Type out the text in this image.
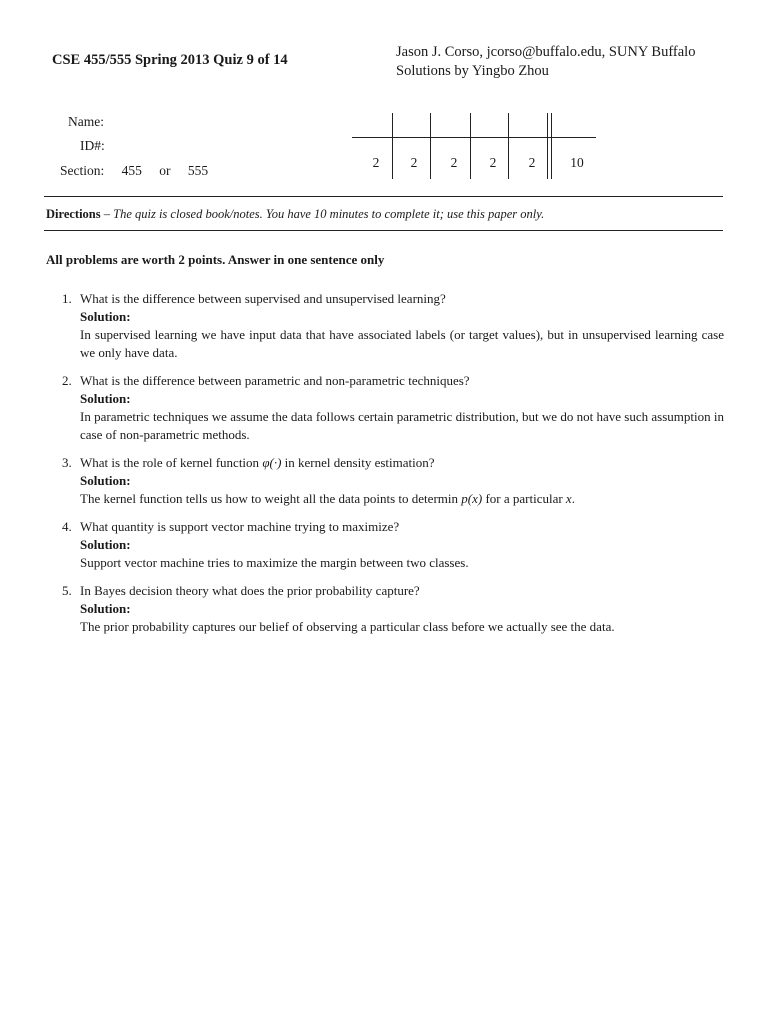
CSE 455/555 Spring 2013 Quiz 9 of 14	Jason J. Corso, jcorso@buffalo.edu, SUNY Buffalo
Solutions by Yingbo Zhou
Name:
ID#:
Section: 455 or 555
2	2	2	2	2	10
Directions – The quiz is closed book/notes. You have 10 minutes to complete it; use this paper only.
All problems are worth 2 points. Answer in one sentence only
1. What is the difference between supervised and unsupervised learning?
Solution:
In supervised learning we have input data that have associated labels (or target values), but in unsupervised learning case we only have data.
2. What is the difference between parametric and non-parametric techniques?
Solution:
In parametric techniques we assume the data follows certain parametric distribution, but we do not have such assumption in case of non-parametric methods.
3. What is the role of kernel function φ(·) in kernel density estimation?
Solution:
The kernel function tells us how to weight all the data points to determin p(x) for a particular x.
4. What quantity is support vector machine trying to maximize?
Solution:
Support vector machine tries to maximize the margin between two classes.
5. In Bayes decision theory what does the prior probability capture?
Solution:
The prior probability captures our belief of observing a particular class before we actually see the data.
